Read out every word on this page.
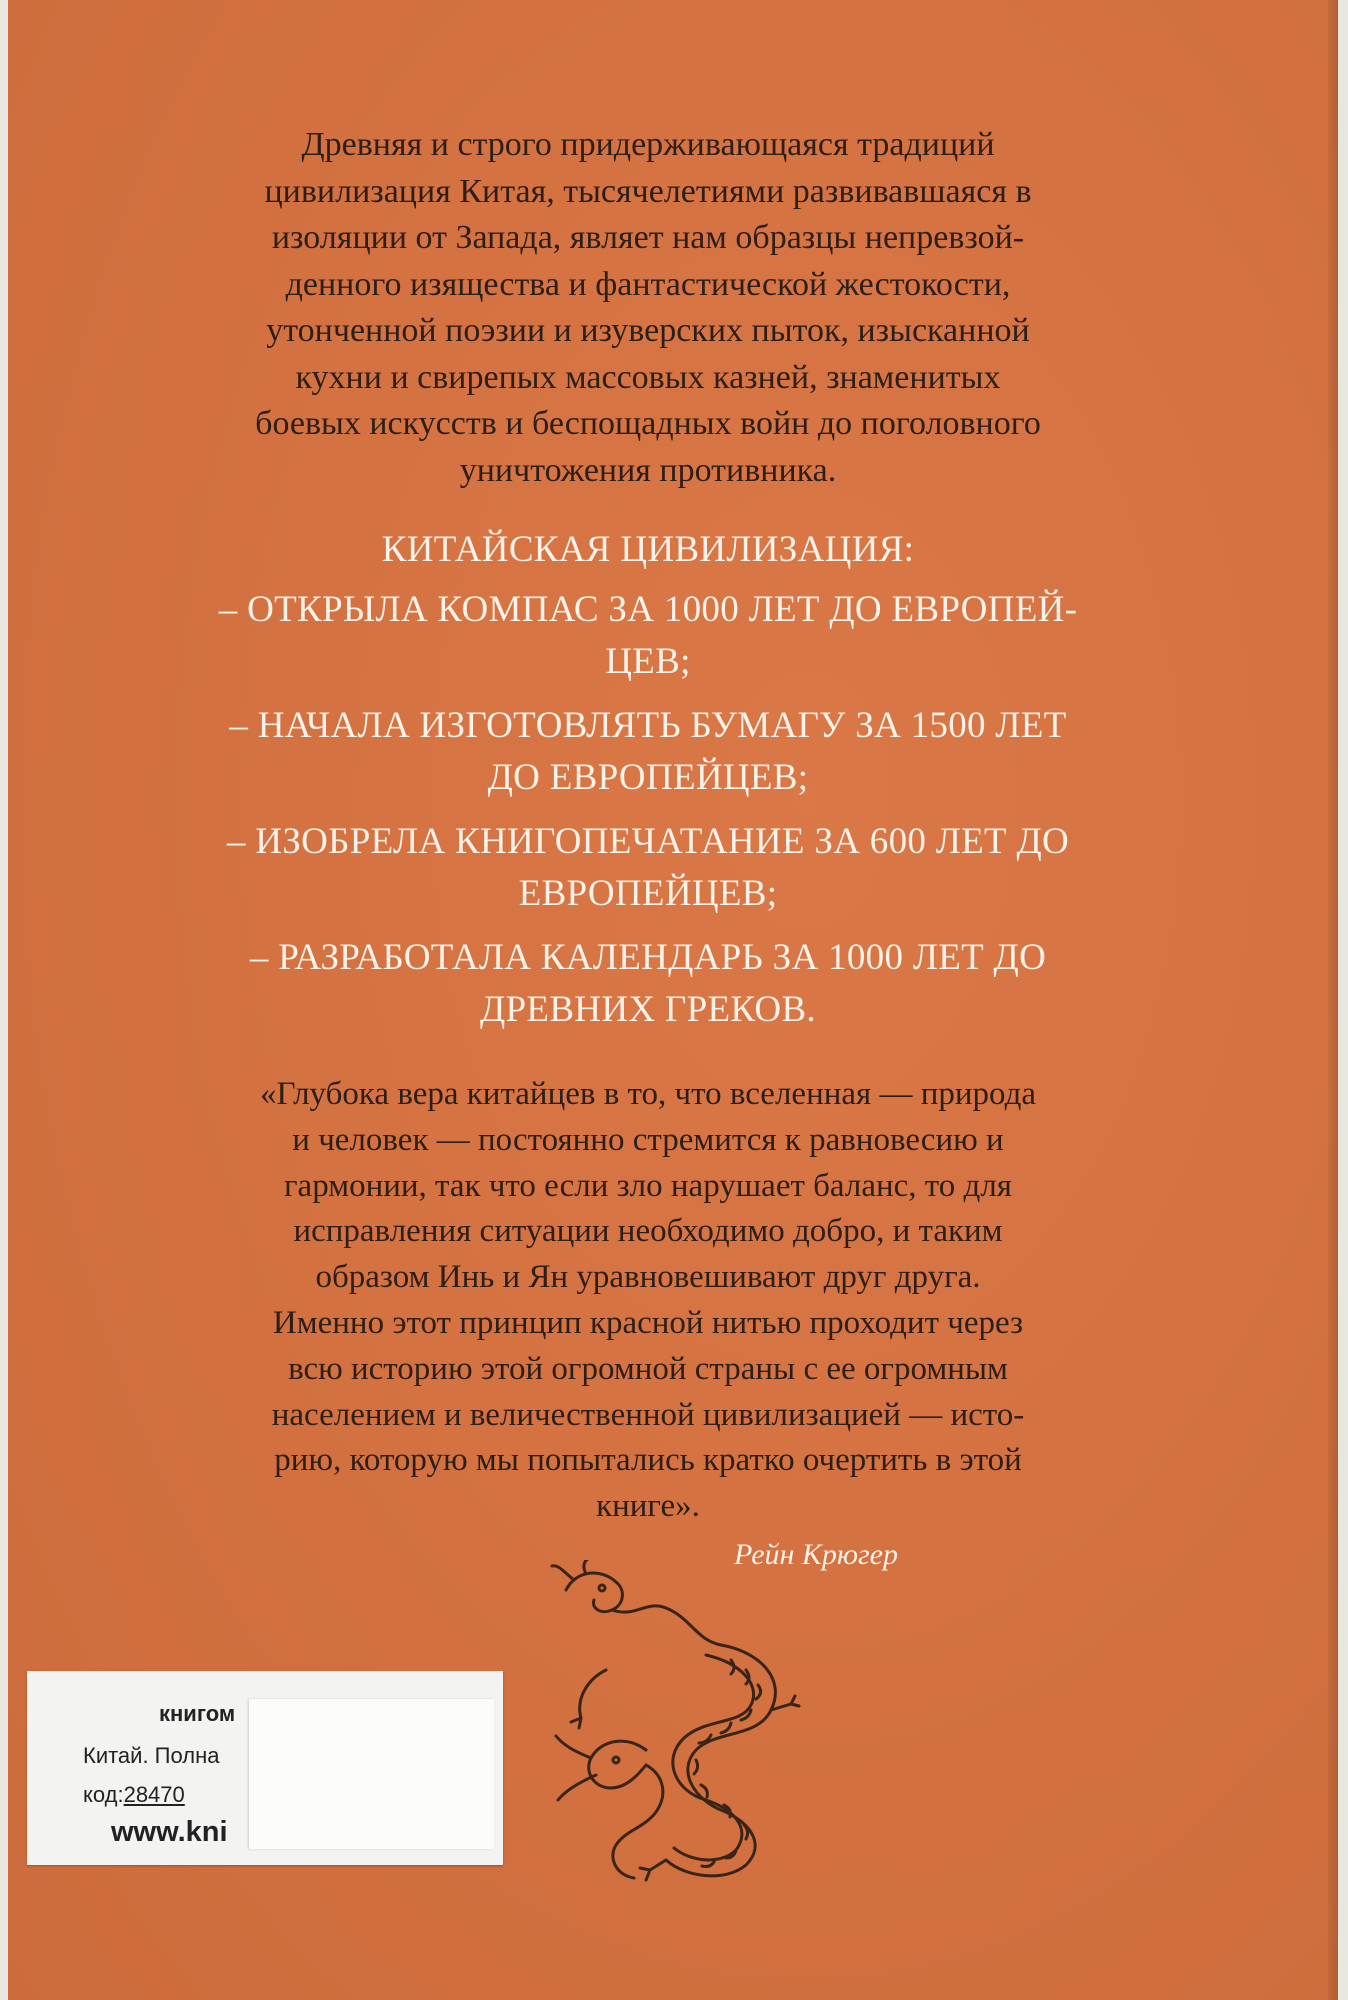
Древняя и строго придерживающаяся традиций
цивилизация Китая, тысячелетиями развивавшаяся в
изоляции от Запада, являет нам образцы непревзой-
денного изящества и фантастической жестокости,
утонченной поэзии и изуверских пыток, изысканной
кухни и свирепых массовых казней, знаменитых
боевых искусств и беспощадных войн до поголовного
уничтожения противника.
КИТАЙСКАЯ ЦИВИЛИЗАЦИЯ:
– ОТКРЫЛА КОМПАС ЗА 1000 ЛЕТ ДО ЕВРОПЕЙ-
ЦЕВ;
– НАЧАЛА ИЗГОТОВЛЯТЬ БУМАГУ ЗА 1500 ЛЕТ
ДО ЕВРОПЕЙЦЕВ;
– ИЗОБРЕЛА КНИГОПЕЧАТАНИЕ ЗА 600 ЛЕТ ДО
ЕВРОПЕЙЦЕВ;
– РАЗРАБОТАЛА КАЛЕНДАРЬ ЗА 1000 ЛЕТ ДО
ДРЕВНИХ ГРЕКОВ.
«Глубока вера китайцев в то, что вселенная — природа
и человек — постоянно стремится к равновесию и
гармонии, так что если зло нарушает баланс, то для
исправления ситуации необходимо добро, и таким
образом Инь и Ян уравновешивают друг друга.
Именно этот принцип красной нитью проходит через
всю историю этой огромной страны с ее огромным
населением и величественной цивилизацией — исто-
рию, которую мы попытались кратко очертить в этой
книге».
Рейн Крюгер
книгом
Китай. Полна
код:28470
www.kni
